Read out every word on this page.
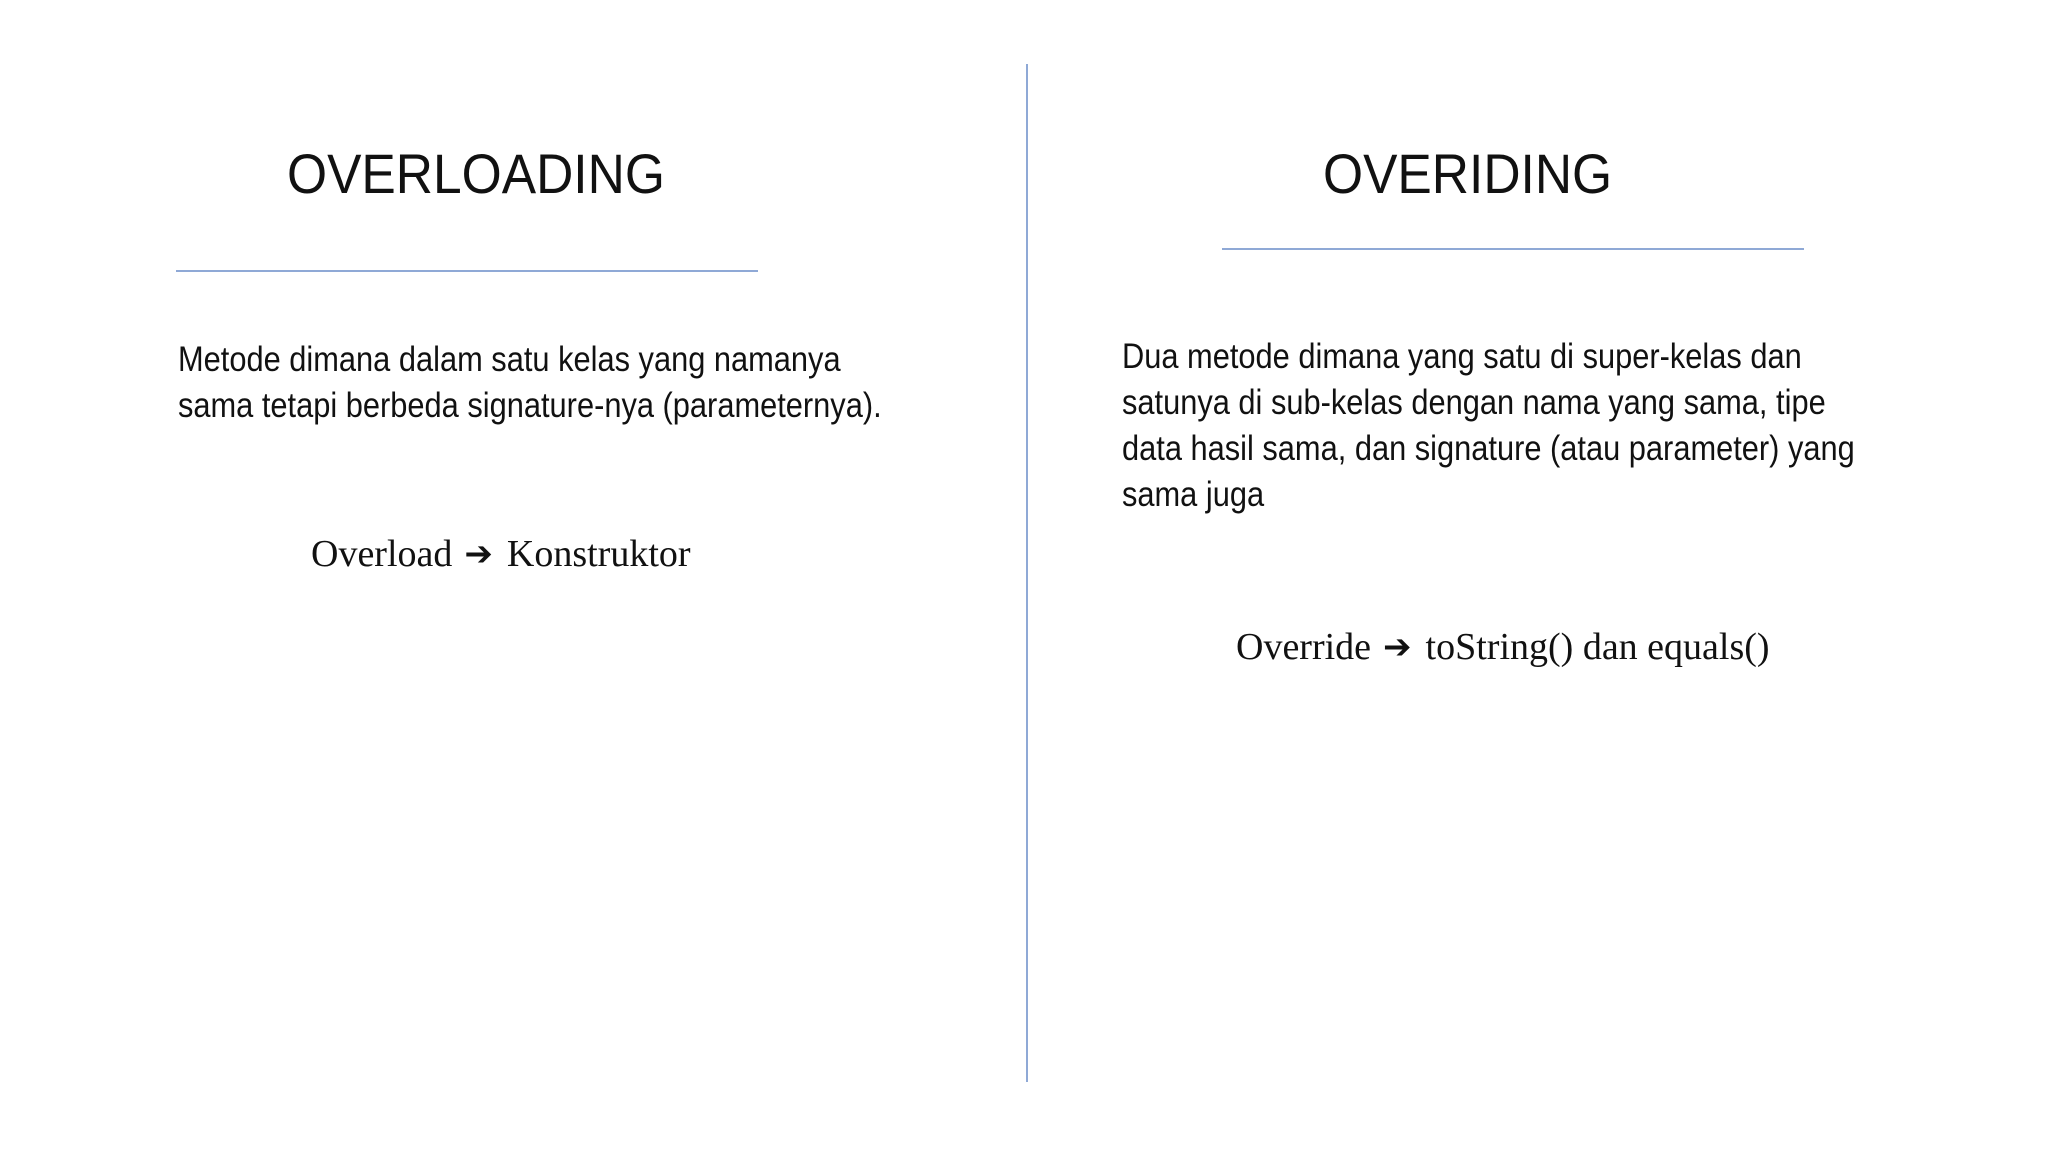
OVERLOADING
Metode dimana dalam satu kelas yang namanya
sama tetapi berbeda signature-nya (parameternya).
Overload ➔ Konstruktor
OVERIDING
Dua metode dimana yang satu di super-kelas dan
satunya di sub-kelas dengan nama yang sama, tipe
data hasil sama, dan signature (atau parameter) yang
sama juga
Override ➔ toString() dan equals()
